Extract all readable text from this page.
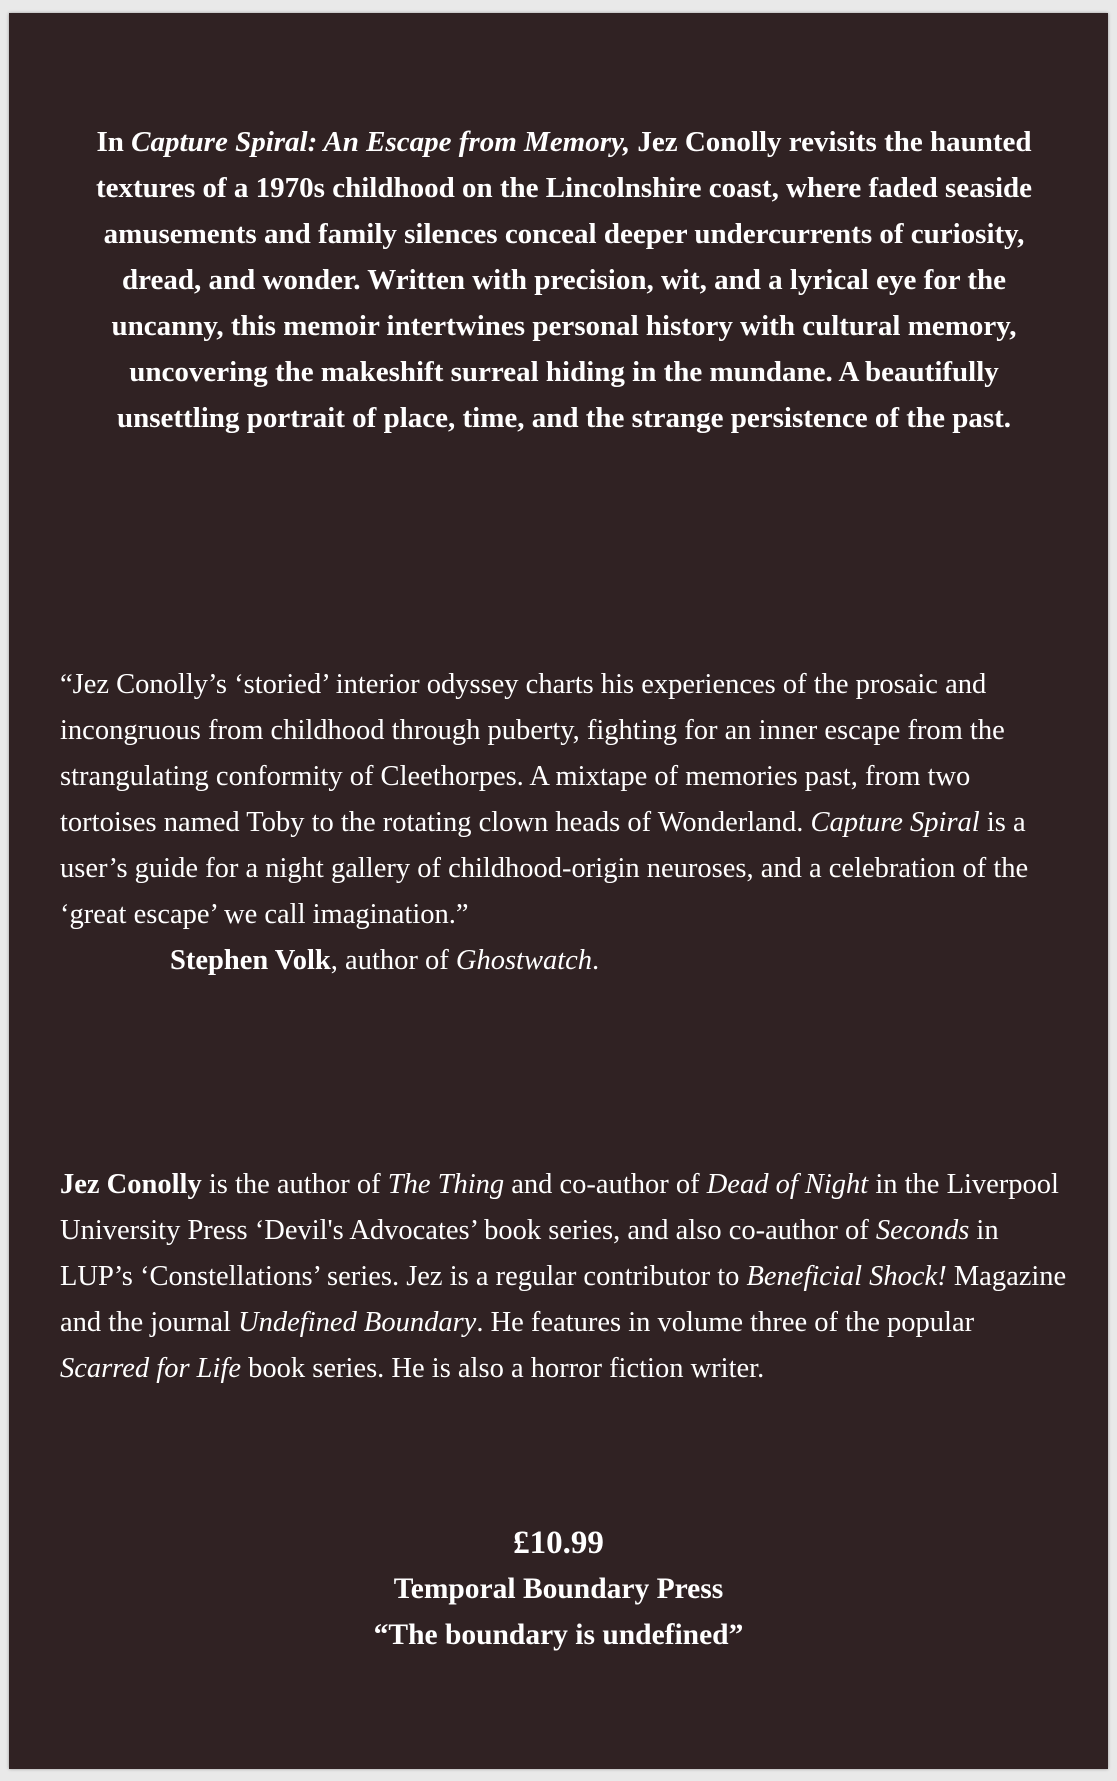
In Capture Spiral: An Escape from Memory, Jez Conolly revisits the haunted textures of a 1970s childhood on the Lincolnshire coast, where faded seaside amusements and family silences conceal deeper undercurrents of curiosity, dread, and wonder. Written with precision, wit, and a lyrical eye for the uncanny, this memoir intertwines personal history with cultural memory, uncovering the makeshift surreal hiding in the mundane. A beautifully unsettling portrait of place, time, and the strange persistence of the past.
“Jez Conolly’s ‘storied’ interior odyssey charts his experiences of the prosaic and incongruous from childhood through puberty, fighting for an inner escape from the strangulating conformity of Cleethorpes. A mixtape of memories past, from two tortoises named Toby to the rotating clown heads of Wonderland. Capture Spiral is a user’s guide for a night gallery of childhood-origin neuroses, and a celebration of the ‘great escape’ we call imagination.”
Stephen Volk, author of Ghostwatch.
Jez Conolly is the author of The Thing and co-author of Dead of Night in the Liverpool University Press ‘Devil's Advocates’ book series, and also co-author of Seconds in LUP’s ‘Constellations’ series. Jez is a regular contributor to Beneficial Shock! Magazine and the journal Undefined Boundary. He features in volume three of the popular Scarred for Life book series. He is also a horror fiction writer.
£10.99
Temporal Boundary Press
“The boundary is undefined”
